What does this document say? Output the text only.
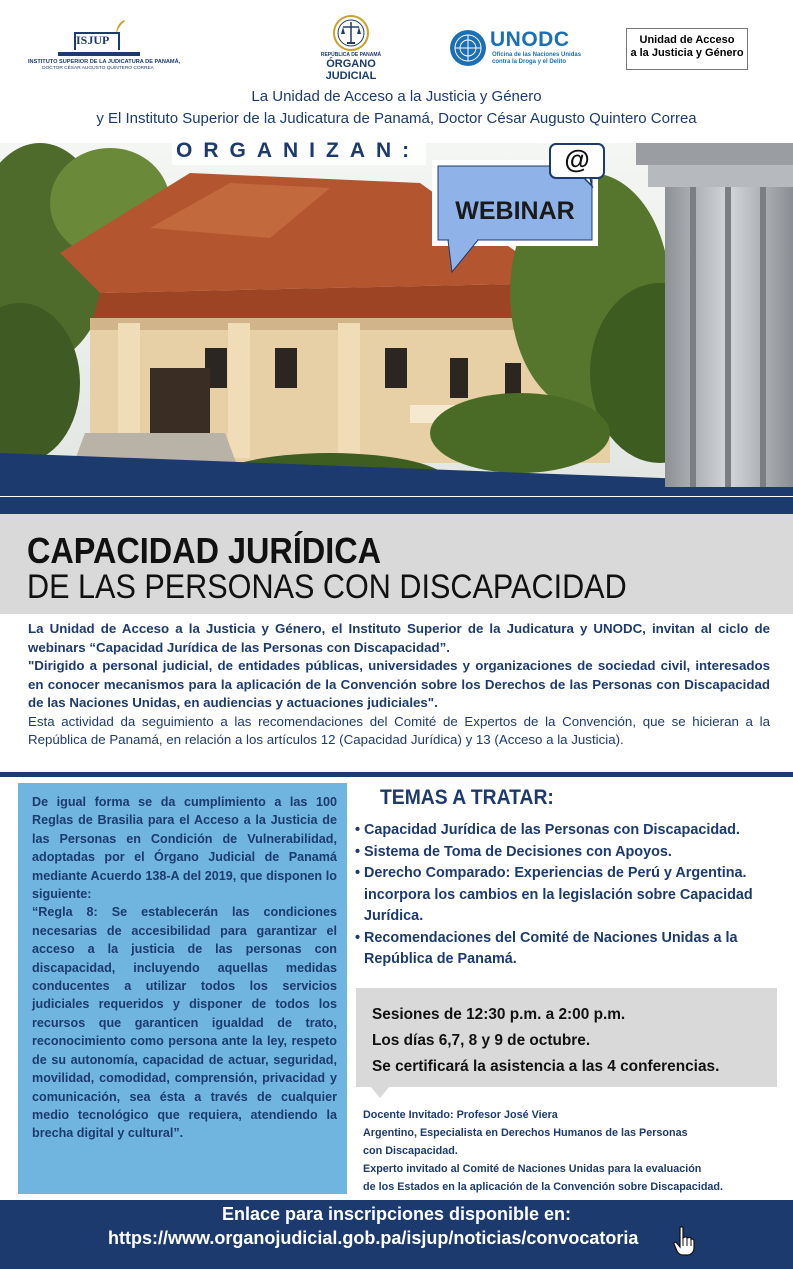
ISJUP
INSTITUTO SUPERIOR DE LA JUDICATURA DE PANAMÁ,
DOCTOR CÉSAR AUGUSTO QUINTERO CORREA
REPÚBLICA DE PANAMÁ
ÓRGANO
JUDICIAL
UNODC
Oficina de las Naciones Unidas
contra la Droga y el Delito
Unidad de Acceso
a la Justicia y Género
La Unidad de Acceso a la Justicia y Género
y El Instituto Superior de la Judicatura de Panamá, Doctor César Augusto Quintero Correa
ORGANIZAN:
WEBINAR
@
CAPACIDAD JURÍDICA
DE LAS PERSONAS CON DISCAPACIDAD

La Unidad de Acceso a la Justicia y Género, el Instituto Superior de la Judicatura y UNODC, invitan al ciclo de webinars “Capacidad Jurídica de las Personas con Discapacidad”.

"Dirigido a personal judicial, de entidades públicas, universidades y organizaciones de sociedad civil, interesados en conocer mecanismos para la aplicación de la Convención sobre los Derechos de las Personas con Discapacidad de las Naciones Unidas, en audiencias y actuaciones judiciales".

Esta actividad da seguimiento a las recomendaciones del Comité de Expertos de la Convención, que se hicieran a la República de Panamá, en relación a los artículos 12 (Capacidad Jurídica) y 13 (Acceso a la Justicia).

De igual forma se da cumplimiento a las 100 Reglas de Brasilia para el Acceso a la Justicia de las Personas en Condición de Vulnerabilidad, adoptadas por el Órgano Judicial de Panamá mediante Acuerdo 138-A del 2019, que disponen lo siguiente:

“Regla 8: Se establecerán las condiciones necesarias de accesibilidad para garantizar el acceso a la justicia de las personas con discapacidad, incluyendo aquellas medidas conducentes a utilizar todos los servicios judiciales requeridos y disponer de todos los recursos que garanticen igualdad de trato, reconocimiento como persona ante la ley, respeto de su autonomía, capacidad de actuar, seguridad, movilidad, comodidad, comprensión, privacidad y comunicación, sea ésta a través de cualquier medio tecnológico que requiera, atendiendo la brecha digital y cultural”.

TEMAS A TRATAR:
• Capacidad Jurídica de las Personas con Discapacidad.
• Sistema de Toma de Decisiones con Apoyos.
• Derecho Comparado: Experiencias de Perú y Argentina. incorpora los cambios en la legislación sobre Capacidad Jurídica.
• Recomendaciones del Comité de Naciones Unidas a la República de Panamá.
Sesiones de 12:30 p.m. a 2:00 p.m.
Los días 6,7, 8 y 9 de octubre.
Se certificará la asistencia a las 4 conferencias.
Docente Invitado: Profesor José Viera
Argentino, Especialista en Derechos Humanos de las Personas
con Discapacidad.
Experto invitado al Comité de Naciones Unidas para la evaluación
de los Estados en la aplicación de la Convención sobre Discapacidad.
Enlace para inscripciones disponible en:
https://www.organojudicial.gob.pa/isjup/noticias/convocatoria
